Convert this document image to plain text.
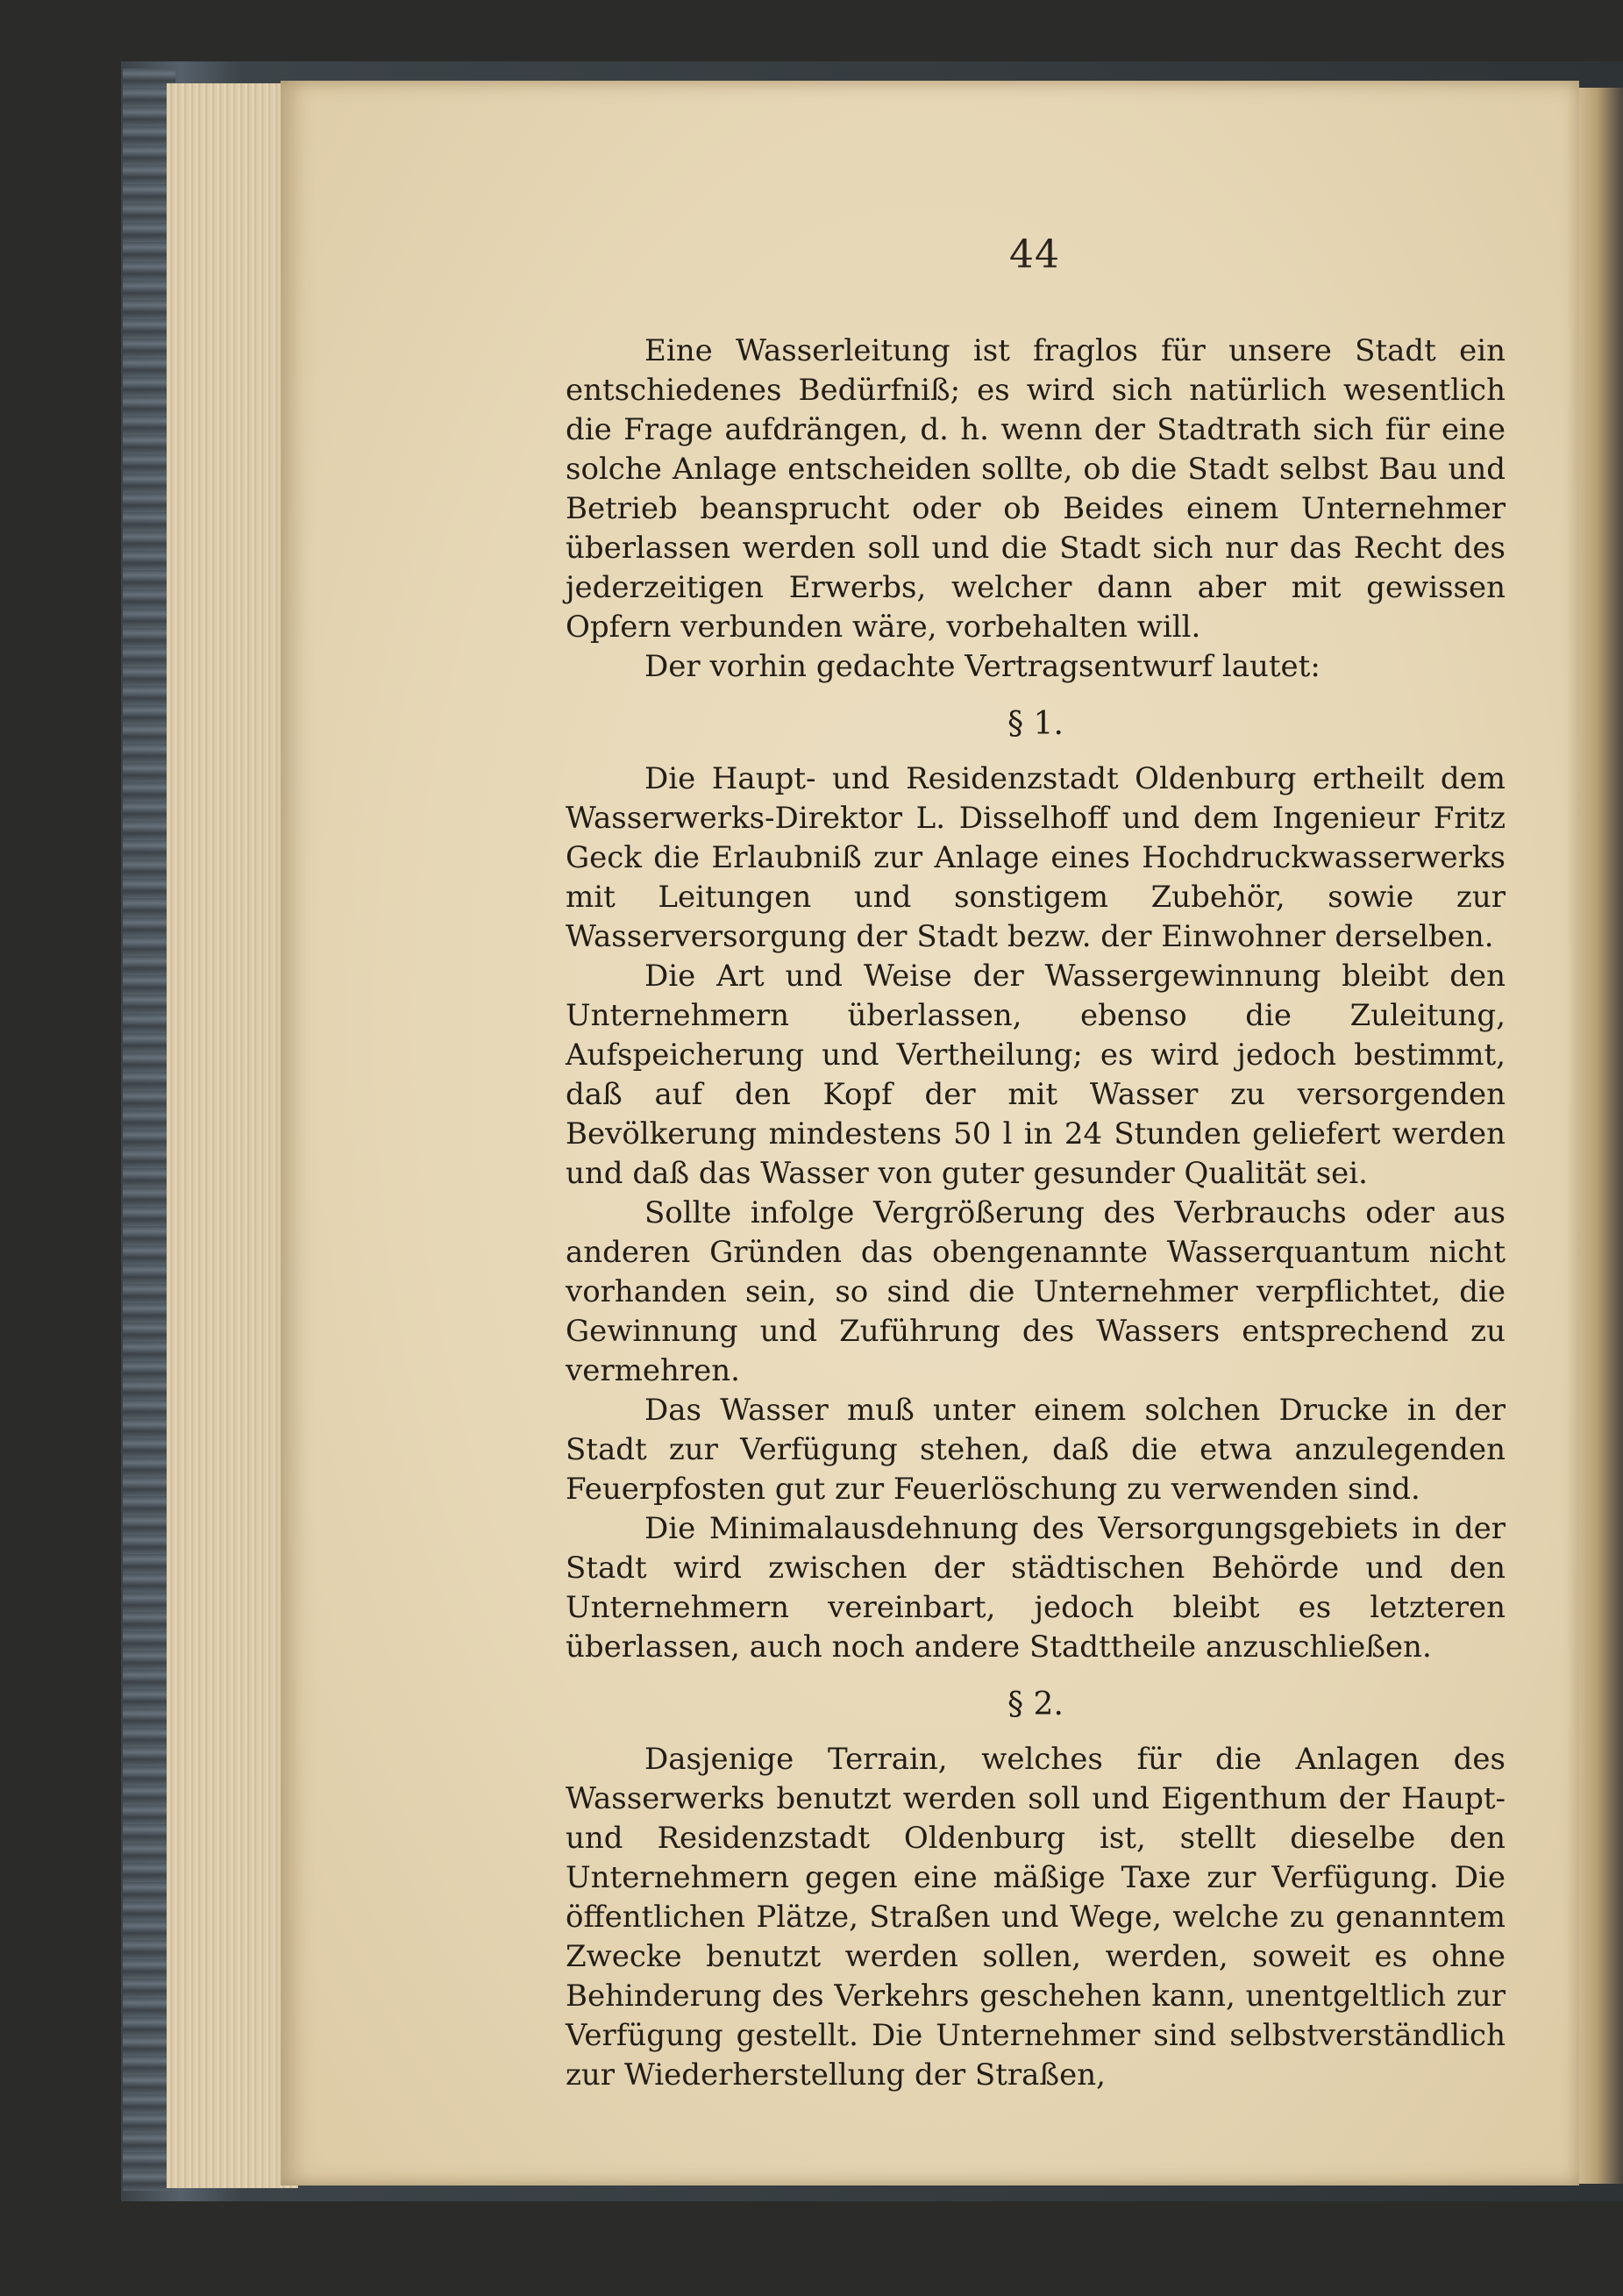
44

Eine Wasserleitung ist fraglos für unsere Stadt ein entschiedenes Bedürfniß; es wird sich natürlich wesentlich die Frage aufdrängen, d. h. wenn der Stadtrath sich für eine solche Anlage entscheiden sollte, ob die Stadt selbst Bau und Betrieb beansprucht oder ob Beides einem Unternehmer überlassen werden soll und die Stadt sich nur das Recht des jederzeitigen Erwerbs, welcher dann aber mit gewissen Opfern verbunden wäre, vorbehalten will.

Der vorhin gedachte Vertragsentwurf lautet:

§ 1.

Die Haupt- und Residenzstadt Oldenburg ertheilt dem Wasserwerks-Direktor L. Disselhoff und dem Ingenieur Fritz Geck die Erlaubniß zur Anlage eines Hochdruckwasserwerks mit Leitungen und sonstigem Zubehör, sowie zur Wasserversorgung der Stadt bezw. der Einwohner derselben.

Die Art und Weise der Wassergewinnung bleibt den Unternehmern überlassen, ebenso die Zuleitung, Aufspeicherung und Vertheilung; es wird jedoch bestimmt, daß auf den Kopf der mit Wasser zu versorgenden Bevölkerung mindestens 50 l in 24 Stunden geliefert werden und daß das Wasser von guter gesunder Qualität sei.

Sollte infolge Vergrößerung des Verbrauchs oder aus anderen Gründen das obengenannte Wasserquantum nicht vorhanden sein, so sind die Unternehmer verpflichtet, die Gewinnung und Zuführung des Wassers entsprechend zu vermehren.

Das Wasser muß unter einem solchen Drucke in der Stadt zur Verfügung stehen, daß die etwa anzulegenden Feuerpfosten gut zur Feuerlöschung zu verwenden sind.

Die Minimalausdehnung des Versorgungsgebiets in der Stadt wird zwischen der städtischen Behörde und den Unternehmern vereinbart, jedoch bleibt es letzteren überlassen, auch noch andere Stadttheile anzuschließen.

§ 2.

Dasjenige Terrain, welches für die Anlagen des Wasserwerks benutzt werden soll und Eigenthum der Haupt- und Residenzstadt Oldenburg ist, stellt dieselbe den Unternehmern gegen eine mäßige Taxe zur Verfügung. Die öffentlichen Plätze, Straßen und Wege, welche zu genanntem Zwecke benutzt werden sollen, werden, soweit es ohne Behinderung des Verkehrs geschehen kann, unentgeltlich zur Verfügung gestellt. Die Unternehmer sind selbstverständlich zur Wiederherstellung der Straßen,
